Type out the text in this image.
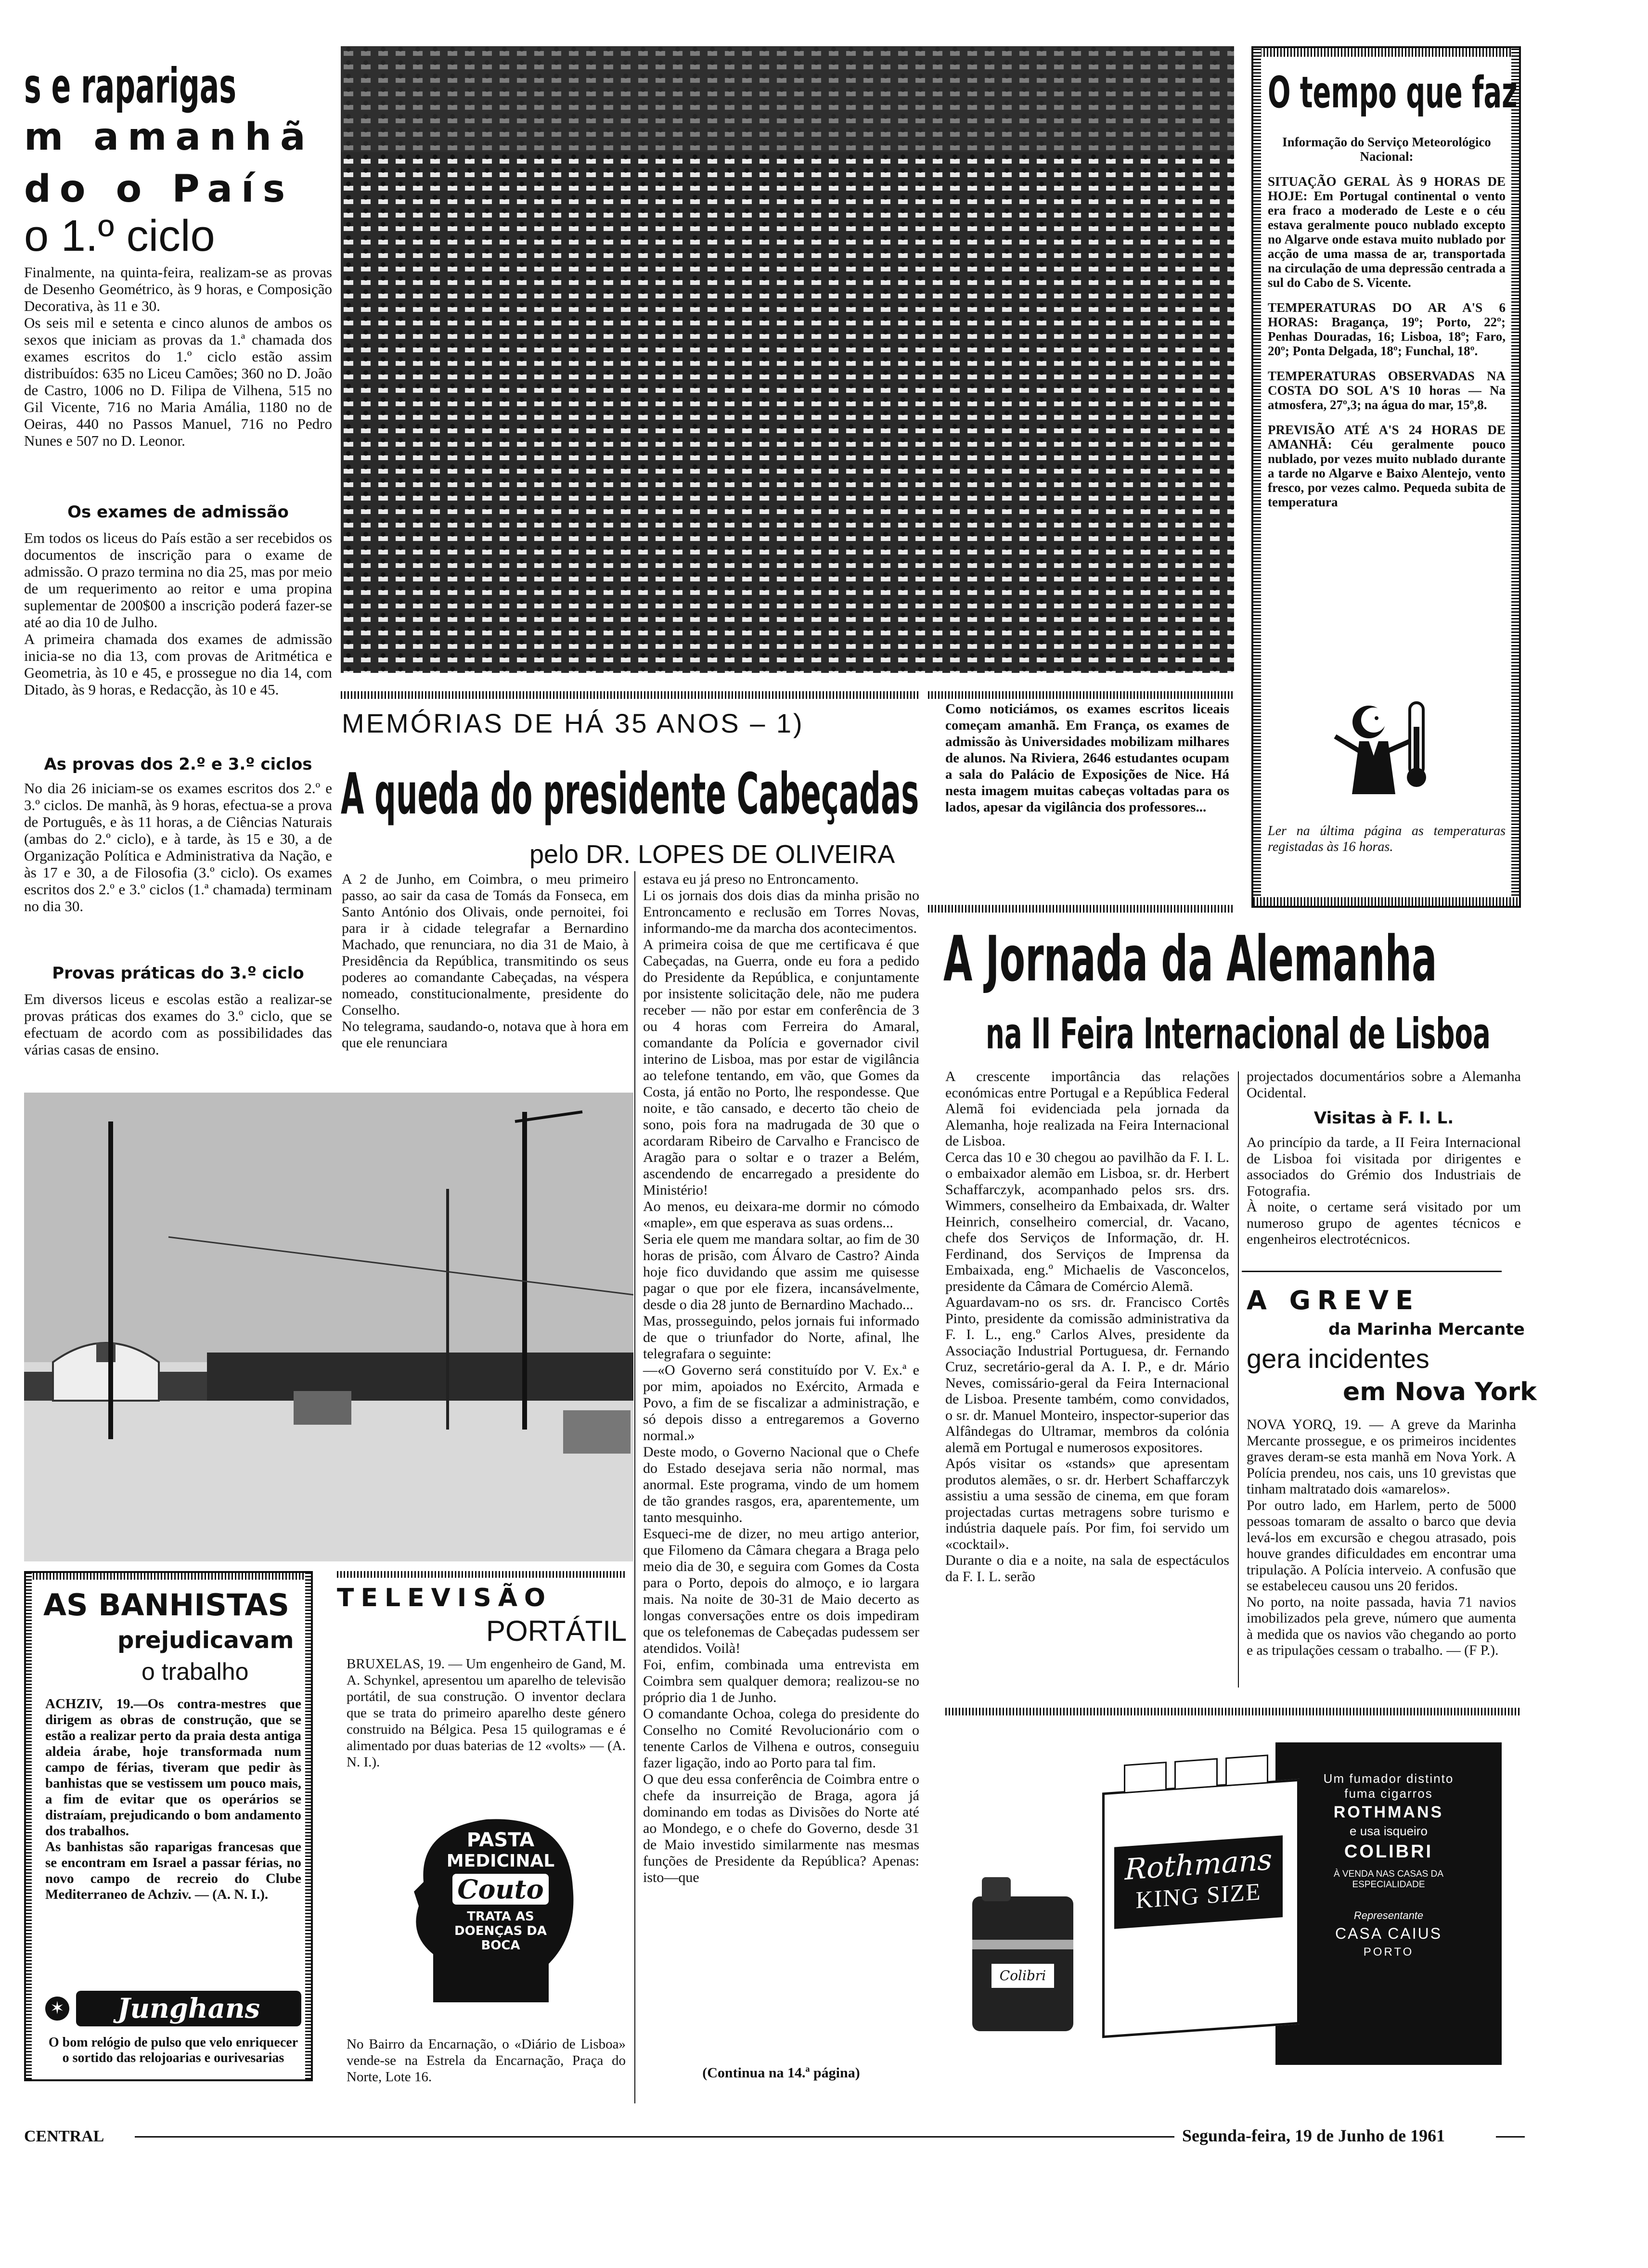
s e raparigas
m amanhã
do o País
o 1.º ciclo

Finalmente, na quinta-feira, realizam-se as provas de Desenho Geométrico, às 9 horas, e Composição Decorativa, às 11 e 30.
Os seis mil e setenta e cinco alunos de ambos os sexos que iniciam as provas da 1.ª chamada dos exames escritos do 1.º ciclo estão assim distribuídos: 635 no Liceu Camões; 360 no D. João de Castro, 1006 no D. Filipa de Vilhena, 515 no Gil Vicente, 716 no Maria Amália, 1180 no de Oeiras, 440 no Passos Manuel, 716 no Pedro Nunes e 507 no D. Leonor.

Os exames de admissão

Em todos os liceus do País estão a ser recebidos os documentos de inscrição para o exame de admissão. O prazo termina no dia 25, mas por meio de um requerimento ao reitor e uma propina suplementar de 200$00 a inscrição poderá fazer-se até ao dia 10 de Julho.
A primeira chamada dos exames de admissão inicia-se no dia 13, com provas de Aritmética e Geometria, às 10 e 45, e prossegue no dia 14, com Ditado, às 9 horas, e Redacção, às 10 e 45.

As provas dos 2.º e 3.º ciclos

No dia 26 iniciam-se os exames escritos dos 2.º e 3.º ciclos. De manhã, às 9 horas, efectua-se a prova de Português, e às 11 horas, a de Ciências Naturais (ambas do 2.º ciclo), e à tarde, às 15 e 30, a de Organização Política e Administrativa da Nação, e às 17 e 30, a de Filosofia (3.º ciclo). Os exames escritos dos 2.º e 3.º ciclos (1.ª chamada) terminam no dia 30.

Provas práticas do 3.º ciclo

Em diversos liceus e escolas estão a realizar-se provas práticas dos exames do 3.º ciclo, que se efectuam de acordo com as possibilidades das várias casas de ensino.

O tempo que faz

Informação do Serviço Meteorológico Nacional:

SITUAÇÃO GERAL ÀS 9 HORAS DE HOJE: Em Portugal continental o vento era fraco a moderado de Leste e o céu estava geralmente pouco nublado excepto no Algarve onde estava muito nublado por acção de uma massa de ar, transportada na circulação de uma depressão centrada a sul do Cabo de S. Vicente.

TEMPERATURAS DO AR A'S 6 HORAS: Bragança, 19º; Porto, 22º; Penhas Douradas, 16; Lisboa, 18º; Faro, 20º; Ponta Delgada, 18º; Funchal, 18º.

TEMPERATURAS OBSERVADAS NA COSTA DO SOL A'S 10 horas — Na atmosfera, 27º,3; na água do mar, 15º,8.

PREVISÃO ATÉ A'S 24 HORAS DE AMANHÃ: Céu geralmente pouco nublado, por vezes muito nublado durante a tarde no Algarve e Baixo Alentejo, vento fresco, por vezes calmo. Pequeda subita de temperatura

Ler na última página as temperaturas registadas às 16 horas.

MEMÓRIAS DE HÁ 35 ANOS – 1)
A queda do presidente Cabeçadas
pelo DR. LOPES DE OLIVEIRA

A 2 de Junho, em Coimbra, o meu primeiro passo, ao sair da casa de Tomás da Fonseca, em Santo António dos Olivais, onde pernoitei, foi para ir à cidade telegrafar a Bernardino Machado, que renunciara, no dia 31 de Maio, à Presidência da República, transmitindo os seus poderes ao comandante Cabeçadas, na véspera nomeado, constitucionalmente, presidente do Conselho.
No telegrama, saudando-o, notava que à hora em que ele renunciara

estava eu já preso no Entroncamento.
Li os jornais dos dois dias da minha prisão no Entroncamento e reclusão em Torres Novas, informando-me da marcha dos acontecimentos.
A primeira coisa de que me certificava é que Cabeçadas, na Guerra, onde eu fora a pedido do Presidente da República, e conjuntamente por insistente solicitação dele, não me pudera receber — não por estar em conferência de 3 ou 4 horas com Ferreira do Amaral, comandante da Polícia e governador civil interino de Lisboa, mas por estar de vigilância ao telefone tentando, em vão, que Gomes da Costa, já então no Porto, lhe respondesse. Que noite, e tão cansado, e decerto tão cheio de sono, pois fora na madrugada de 30 que o acordaram Ribeiro de Carvalho e Francisco de Aragão para o soltar e o trazer a Belém, ascendendo de encarregado a presidente do Ministério!
Ao menos, eu deixara-me dormir no cómodo «maple», em que esperava as suas ordens...
Seria ele quem me mandara soltar, ao fim de 30 horas de prisão, com Álvaro de Castro? Ainda hoje fico duvidando que assim me quisesse pagar o que por ele fizera, incansávelmente, desde o dia 28 junto de Bernardino Machado...
Mas, prosseguindo, pelos jornais fui informado de que o triunfador do Norte, afinal, lhe telegrafara o seguinte:
—«O Governo será constituído por V. Ex.ª e por mim, apoiados no Exército, Armada e Povo, a fim de se fiscalizar a administração, e só depois disso a entregaremos a Governo normal.»
Deste modo, o Governo Nacional que o Chefe do Estado desejava seria não normal, mas anormal. Este programa, vindo de um homem de tão grandes rasgos, era, aparentemente, um tanto mesquinho.
Esqueci-me de dizer, no meu artigo anterior, que Filomeno da Câmara chegara a Braga pelo meio dia de 30, e seguira com Gomes da Costa para o Porto, depois do almoço, e io largara mais. Na noite de 30-31 de Maio decerto as longas conversações entre os dois impediram que os telefonemas de Cabeçadas pudessem ser atendidos. Voilà!
Foi, enfim, combinada uma entrevista em Coimbra sem qualquer demora; realizou-se no próprio dia 1 de Junho.
O comandante Ochoa, colega do presidente do Conselho no Comité Revolucionário com o tenente Carlos de Vilhena e outros, conseguiu fazer ligação, indo ao Porto para tal fim.
O que deu essa conferência de Coimbra entre o chefe da insurreição de Braga, agora já dominando em todas as Divisões do Norte até ao Mondego, e o chefe do Governo, desde 31 de Maio investido similarmente nas mesmas funções de Presidente da República? Apenas: isto—que

(Continua na 14.ª página)

Como noticiámos, os exames escritos liceais começam amanhã. Em França, os exames de admissão às Universidades mobilizam milhares de alunos. Na Riviera, 2646 estudantes ocupam a sala do Palácio de Exposições de Nice. Há nesta imagem muitas cabeças voltadas para os lados, apesar da vigilância dos professores...

AS BANHISTAS
prejudicavam
o trabalho

ACHZIV, 19.—Os contra-mestres que dirigem as obras de construção, que se estão a realizar perto da praia desta antiga aldeia árabe, hoje transformada num campo de férias, tiveram que pedir às banhistas que se vestissem um pouco mais, a fim de evitar que os operários se distraíam, prejudicando o bom andamento dos trabalhos.
As banhistas são raparigas francesas que se encontram em Israel a passar férias, no novo campo de recreio do Clube Mediterraneo de Achziv. — (A. N. I.).

✶	Junghans

O bom relógio de pulso que velo enriquecer o sortido das relojoarias e ourivesarias

TELEVISÃO
PORTÁTIL

BRUXELAS, 19. — Um engenheiro de Gand, M. A. Schynkel, apresentou um aparelho de televisão portátil, de sua construção. O inventor declara que se trata do primeiro aparelho deste género construido na Bélgica. Pesa 15 quilogramas e é alimentado por duas baterias de 12 «volts» — (A. N. I.).

PASTA
MEDICINAL
Couto
TRATA AS
DOENÇAS DA
BOCA

No Bairro da Encarnação, o «Diário de Lisboa» vende-se na Estrela da Encarnação, Praça do Norte, Lote 16.

A Jornada da Alemanha
na II Feira Internacional de Lisboa

A crescente importância das relações económicas entre Portugal e a República Federal Alemã foi evidenciada pela jornada da Alemanha, hoje realizada na Feira Internacional de Lisboa.
Cerca das 10 e 30 chegou ao pavilhão da F. I. L. o embaixador alemão em Lisboa, sr. dr. Herbert Schaffarczyk, acompanhado pelos srs. drs. Wimmers, conselheiro da Embaixada, dr. Walter Heinrich, conselheiro comercial, dr. Vacano, chefe dos Serviços de Informação, dr. H. Ferdinand, dos Serviços de Imprensa da Embaixada, eng.º Michaelis de Vasconcelos, presidente da Câmara de Comércio Alemã.
Aguardavam-no os srs. dr. Francisco Cortês Pinto, presidente da comissão administrativa da F. I. L., eng.º Carlos Alves, presidente da Associação Industrial Portuguesa, dr. Fernando Cruz, secretário-geral da A. I. P., e dr. Mário Neves, comissário-geral da Feira Internacional de Lisboa. Presente também, como convidados, o sr. dr. Manuel Monteiro, inspector-superior das Alfândegas do Ultramar, membros da colónia alemã em Portugal e numerosos expositores.
Após visitar os «stands» que apresentam produtos alemães, o sr. dr. Herbert Schaffarczyk assistiu a uma sessão de cinema, em que foram projectadas curtas metragens sobre turismo e indústria daquele país. Por fim, foi servido um «cocktail».
Durante o dia e a noite, na sala de espectáculos da F. I. L. serão

projectados documentários sobre a Alemanha Ocidental.

Visitas à F. I. L.

Ao princípio da tarde, a II Feira Internacional de Lisboa foi visitada por dirigentes e associados do Grémio dos Industriais de Fotografia.
À noite, o certame será visitado por um numeroso grupo de agentes técnicos e engenheiros electrotécnicos.

A GREVE
da Marinha Mercante
gera incidentes
em Nova York

NOVA YORQ, 19. — A greve da Marinha Mercante prossegue, e os primeiros incidentes graves deram-se esta manhã em Nova York. A Polícia prendeu, nos cais, uns 10 grevistas que tinham maltratado dois «amarelos».
Por outro lado, em Harlem, perto de 5000 pessoas tomaram de assalto o barco que devia levá-los em excursão e chegou atrasado, pois houve grandes dificuldades em encontrar uma tripulação. A Polícia interveio. A confusão que se estabeleceu causou uns 20 feridos.
No porto, na noite passada, havia 71 navios imobilizados pela greve, número que aumenta à medida que os navios vão chegando ao porto e as tripulações cessam o trabalho. — (F P.).

Um fumador distinto fuma cigarros
ROTHMANS
e usa isqueiro
COLIBRI
À VENDA NAS CASAS DA ESPECIALIDADE
Representante
CASA CAIUS
PORTO
Rothmans
KING SIZE
Colibri
CENTRAL	Segunda-feira, 19 de Junho de 1961
